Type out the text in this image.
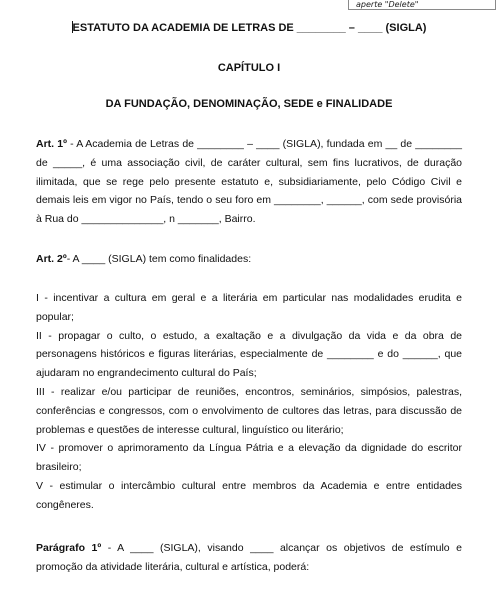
aperte "Delete"
ESTATUTO DA ACADEMIA DE LETRAS DE ________ – ____ (SIGLA)
CAPÍTULO I
DA FUNDAÇÃO, DENOMINAÇÃO, SEDE e FINALIDADE
Art. 1º - A Academia de Letras de ________ – ____ (SIGLA), fundada em __ de ________ de _____, é uma associação civil, de caráter cultural, sem fins lucrativos, de duração ilimitada, que se rege pelo presente estatuto e, subsidiariamente, pelo Código Civil e demais leis em vigor no País, tendo o seu foro em ________, ______, com sede provisória à Rua do ______________, n _______, Bairro.
Art. 2º- A ____ (SIGLA) tem como finalidades:
I - incentivar a cultura em geral e a literária em particular nas modalidades erudita e popular;
II - propagar o culto, o estudo, a exaltação e a divulgação da vida e da obra de personagens históricos e figuras literárias, especialmente de ________ e do ______, que ajudaram no engrandecimento cultural do País;
III - realizar e/ou participar de reuniões, encontros, seminários, simpósios, palestras, conferências e congressos, com o envolvimento de cultores das letras, para discussão de problemas e questões de interesse cultural, linguístico ou literário;
IV - promover o aprimoramento da Língua Pátria e a elevação da dignidade do escritor brasileiro;
V - estimular o intercâmbio cultural entre membros da Academia e entre entidades congêneres.
Parágrafo 1º - A ____ (SIGLA), visando ____ alcançar os objetivos de estímulo e promoção da atividade literária, cultural e artística, poderá:
